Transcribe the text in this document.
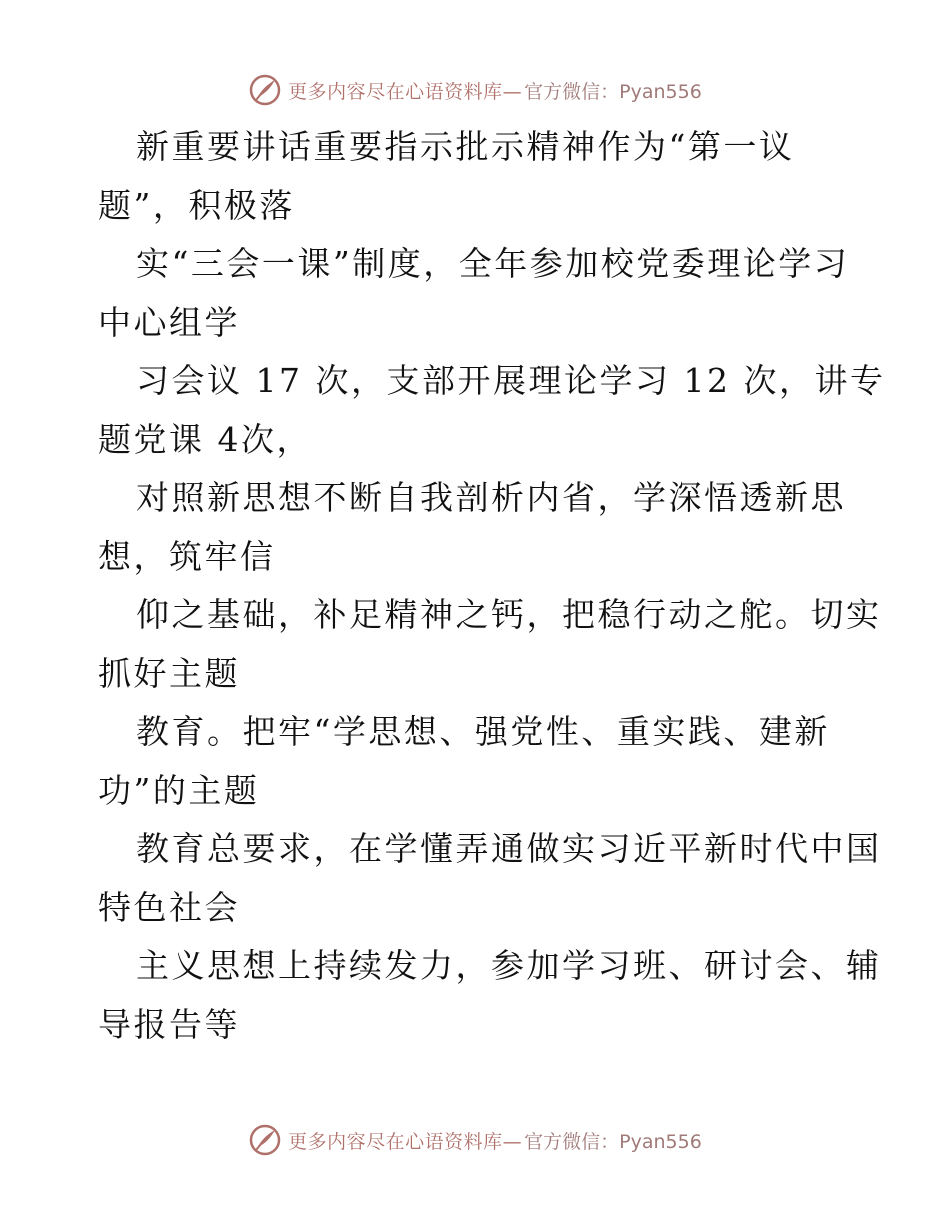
更多内容尽在心语资料库— 官方微信：Pyan556
新重要讲话重要指示批示精神作为“第一议
题”，积极落
实“三会一课”制度，全年参加校党委理论学习
中心组学
习会议 17 次，支部开展理论学习 12 次，讲专
题党课 4次，
对照新思想不断自我剖析内省，学深悟透新思
想，筑牢信
仰之基础，补足精神之钙，把稳行动之舵。切实
抓好主题
教育。把牢“学思想、强党性、重实践、建新
功”的主题
教育总要求，在学懂弄通做实习近平新时代中国
特色社会
主义思想上持续发力，参加学习班、研讨会、辅
导报告等
更多内容尽在心语资料库— 官方微信：Pyan556
